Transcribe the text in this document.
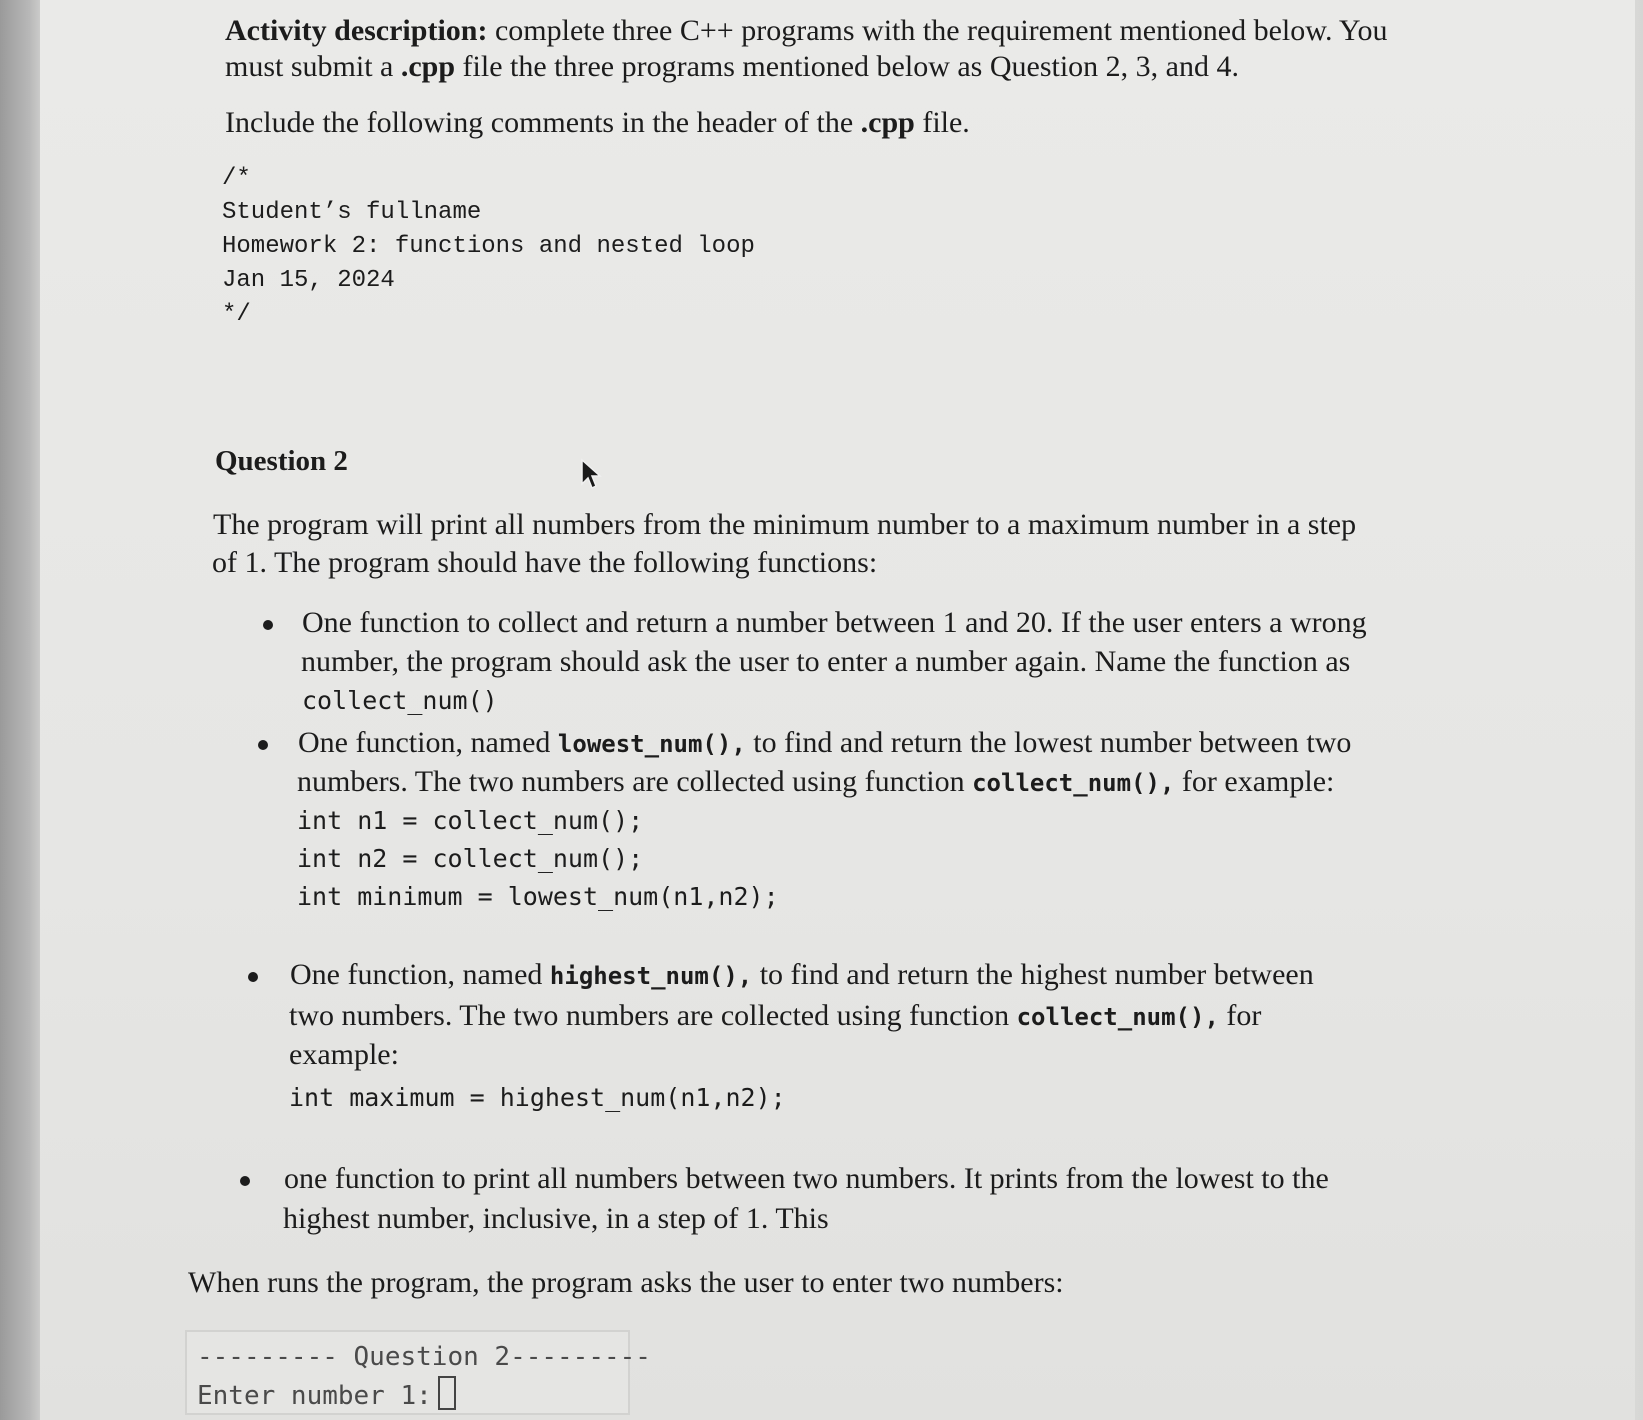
Activity description: complete three C++ programs with the requirement mentioned below. You

must submit a .cpp file the three programs mentioned below as Question 2, 3, and 4.

Include the following comments in the header of the .cpp file.

/*
Student’s fullname
Homework 2: functions and nested loop
Jan 15, 2024
*/

Question 2

The program will print all numbers from the minimum number to a maximum number in a step

of 1. The program should have the following functions:

One function to collect and return a number between 1 and 20. If the user enters a wrong

number, the program should ask the user to enter a number again. Name the function as

collect_num()

One function, named lowest_num(), to find and return the lowest number between two

numbers. The two numbers are collected using function collect_num(), for example:

int n1 = collect_num();
int n2 = collect_num();
int minimum = lowest_num(n1,n2);

One function, named highest_num(), to find and return the highest number between

two numbers. The two numbers are collected using function collect_num(), for

example:

int maximum = highest_num(n1,n2);

one function to print all numbers between two numbers. It prints from the lowest to the

highest number, inclusive, in a step of 1. This

When runs the program, the program asks the user to enter two numbers:

--------- Question 2---------
Enter number 1:
